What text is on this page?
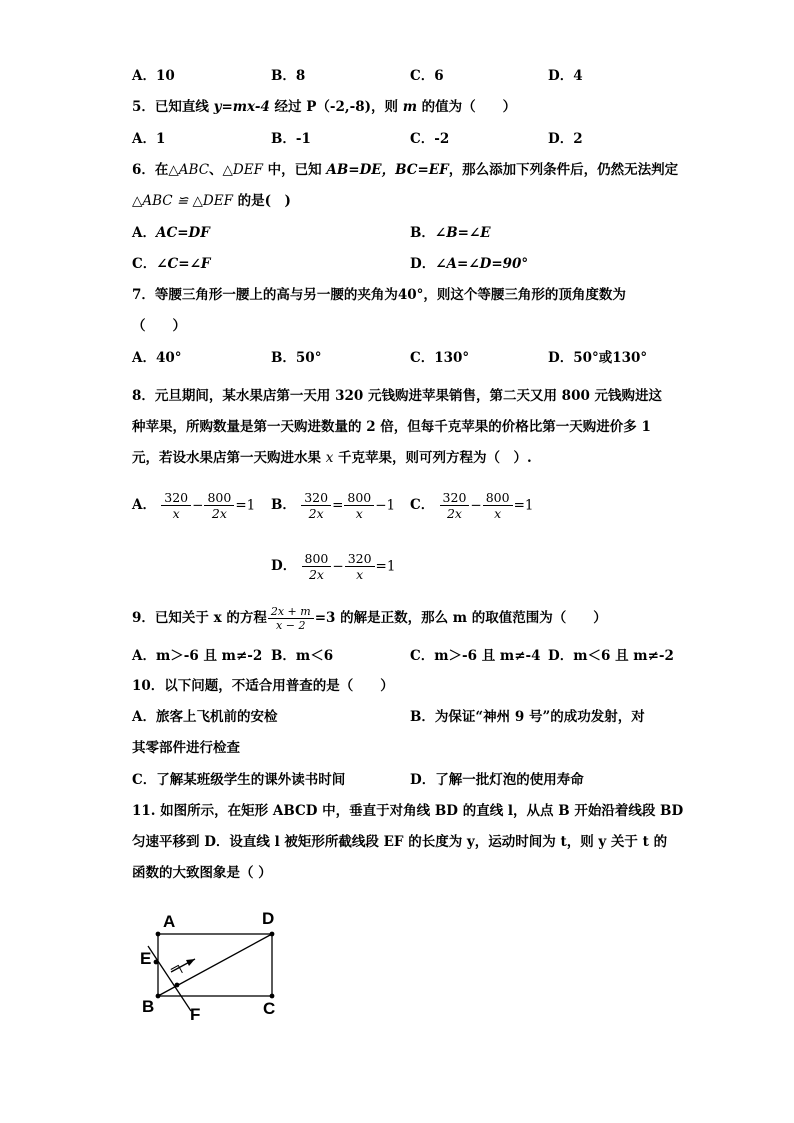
A．10	B．8	C．6	D．4
5．已知直线 y=mx-4 经过 P（-2,-8)，则 m 的值为（　　）
A．1	B．-1	C．-2	D．2
6．在△ABC、△DEF 中，已知 AB=DE，BC=EF，那么添加下列条件后，仍然无法判定
△ABC ≌ △DEF 的是(　)
A．AC=DF	B．∠B=∠E
C．∠C=∠F	D．∠A=∠D=90°
7．等腰三角形一腰上的高与另一腰的夹角为40°，则这个等腰三角形的顶角度数为
（　　）
A．40°	B．50°	C．130°	D．50°或130°
8．元旦期间，某水果店第一天用 320 元钱购进苹果销售，第二天又用 800 元钱购进这
种苹果，所购数量是第一天购进数量的 2 倍，但每千克苹果的价格比第一天购进价多 1
元，若设水果店第一天购进水果 x 千克苹果，则可列方程为（　）.
A． $\frac{320}{x} - \frac{800}{2x} =1$ B． $\frac{320}{2x} = \frac{800}{x} -1$ C． $\frac{320}{2x} - \frac{800}{x} =1$
D． $\frac{800}{2x} - \frac{320}{x} =1$
9．已知关于 x 的方程 $\frac{2x + m}{x - 2} =3$ 的解是正数，那么 m 的取值范围为（　　）
A．m＞-6 且 m≠-2 B．m＜6	C．m＞-6 且 m≠-4 D．m＜6 且 m≠-2
10．以下问题，不适合用普查的是（　　）
A．旅客上飞机前的安检	B．为保证“神州 9 号”的成功发射，对
其零部件进行检查
C．了解某班级学生的课外读书时间	D．了解一批灯泡的使用寿命
11. 如图所示，在矩形 ABCD 中，垂直于对角线 BD 的直线 l，从点 B 开始沿着线段 BD
匀速平移到 D．设直线 l 被矩形所截线段 EF 的长度为 y，运动时间为 t，则 y 关于 t 的
函数的大致图象是（ ）
A	D
E
B F	C
